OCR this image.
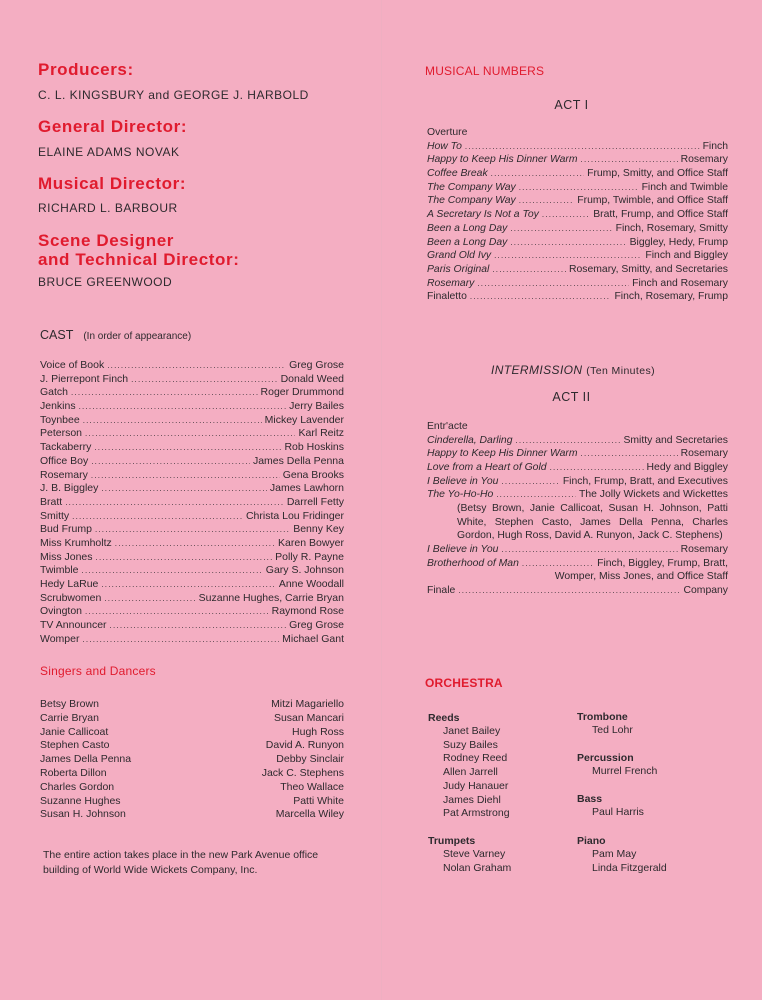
Producers:

C. L. KINGSBURY and GEORGE J. HARBOLD

General Director:

ELAINE ADAMS NOVAK

Musical Director:

RICHARD L. BARBOUR

Scene Designer
and Technical Director:

BRUCE GREENWOOD

CAST (In order of appearance)
Voice of Book .....	Greg Grose
J. Pierrepont Finch .....	Donald Weed
Gatch .....	Roger Drummond
Jenkins .....	Jerry Bailes
Toynbee .....	Mickey Lavender
Peterson .....	Karl Reitz
Tackaberry .....	Rob Hoskins
Office Boy .....	James Della Penna
Rosemary .....	Gena Brooks
J. B. Biggley .....	James Lawhorn
Bratt .....	Darrell Fetty
Smitty .....	Christa Lou Fridinger
Bud Frump .....	Benny Key
Miss Krumholtz .....	Karen Bowyer
Miss Jones .....	Polly R. Payne
Twimble .....	Gary S. Johnson
Hedy LaRue .....	Anne Woodall
Scrubwomen .....	Suzanne Hughes, Carrie Bryan
Ovington .....	Raymond Rose
TV Announcer .....	Greg Grose
Womper .....	Michael Gant
Singers and Dancers
Betsy Brown
Carrie Bryan
Janie Callicoat
Stephen Casto
James Della Penna
Roberta Dillon
Charles Gordon
Suzanne Hughes
Susan H. Johnson
Mitzi Magariello
Susan Mancari
Hugh Ross
David A. Runyon
Debby Sinclair
Jack C. Stephens
Theo Wallace
Patti White
Marcella Wiley

The entire action takes place in the new Park Avenue office building of World Wide Wickets Company, Inc.

MUSICAL NUMBERS

ACT I

Overture
How To .....	Finch
Happy to Keep His Dinner Warm .....	Rosemary
Coffee Break .....	Frump, Smitty, and Office Staff
The Company Way .....	Finch and Twimble
The Company Way .....	Frump, Twimble, and Office Staff
A Secretary Is Not a Toy .....	Bratt, Frump, and Office Staff
Been a Long Day .....	Finch, Rosemary, Smitty
Been a Long Day .....	Biggley, Hedy, Frump
Grand Old Ivy .....	Finch and Biggley
Paris Original .....	Rosemary, Smitty, and Secretaries
Rosemary .....	Finch and Rosemary
Finaletto .....	Finch, Rosemary, Frump

INTERMISSION (Ten Minutes)

ACT II

Entr'acte
Cinderella, Darling .....	Smitty and Secretaries
Happy to Keep His Dinner Warm .....	Rosemary
Love from a Heart of Gold .....	Hedy and Biggley
I Believe in You .....	Finch, Frump, Bratt, and Executives
The Yo-Ho-Ho .....	The Jolly Wickets and Wickettes
(Betsy Brown, Janie Callicoat, Susan H. Johnson, Patti White, Stephen Casto, James Della Penna, Charles Gordon, Hugh Ross, David A. Runyon, Jack C. Stephens)
I Believe in You .....	Rosemary
Brotherhood of Man .....	Finch, Biggley, Frump, Bratt,
Womper, Miss Jones, and Office Staff
Finale .....	Company
ORCHESTRA
Reeds
Janet Bailey
Suzy Bailes
Rodney Reed
Allen Jarrell
Judy Hanauer
James Diehl
Pat Armstrong
Trumpets
Steve Varney
Nolan Graham
Trombone
Ted Lohr
Percussion
Murrel French
Bass
Paul Harris
Piano
Pam May
Linda Fitzgerald
